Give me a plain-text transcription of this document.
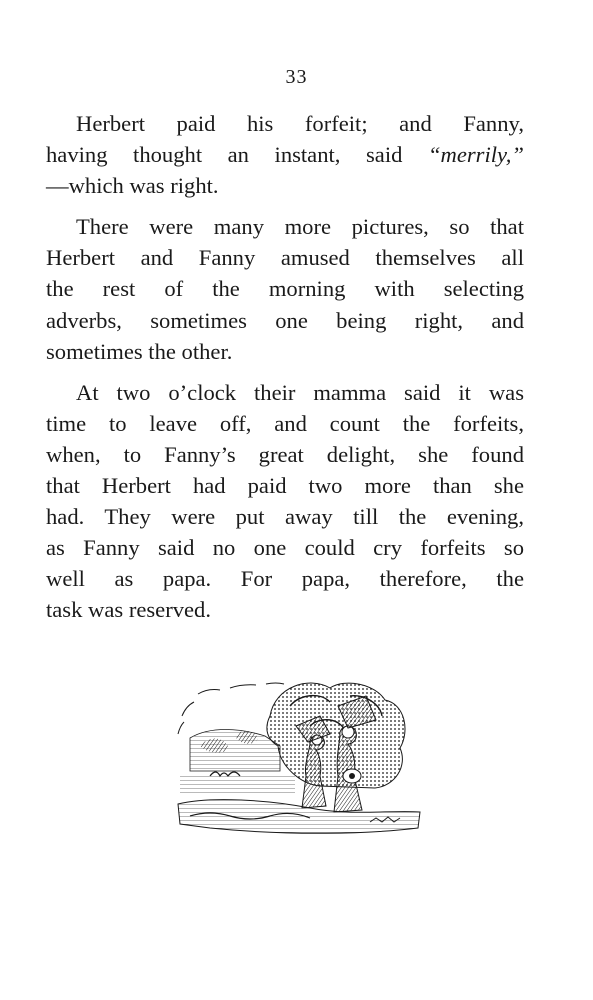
33
Herbert paid his forfeit; and Fanny,
having thought an instant, said “merrily,”
—which was right.
There were many more pictures, so that
Herbert and Fanny amused themselves all
the rest of the morning with selecting
adverbs, sometimes one being right, and
sometimes the other.
At two o’clock their mamma said it was
time to leave off, and count the forfeits,
when, to Fanny’s great delight, she found
that Herbert had paid two more than she
had. They were put away till the evening,
as Fanny said no one could cry forfeits so
well as papa. For papa, therefore, the
task was reserved.
